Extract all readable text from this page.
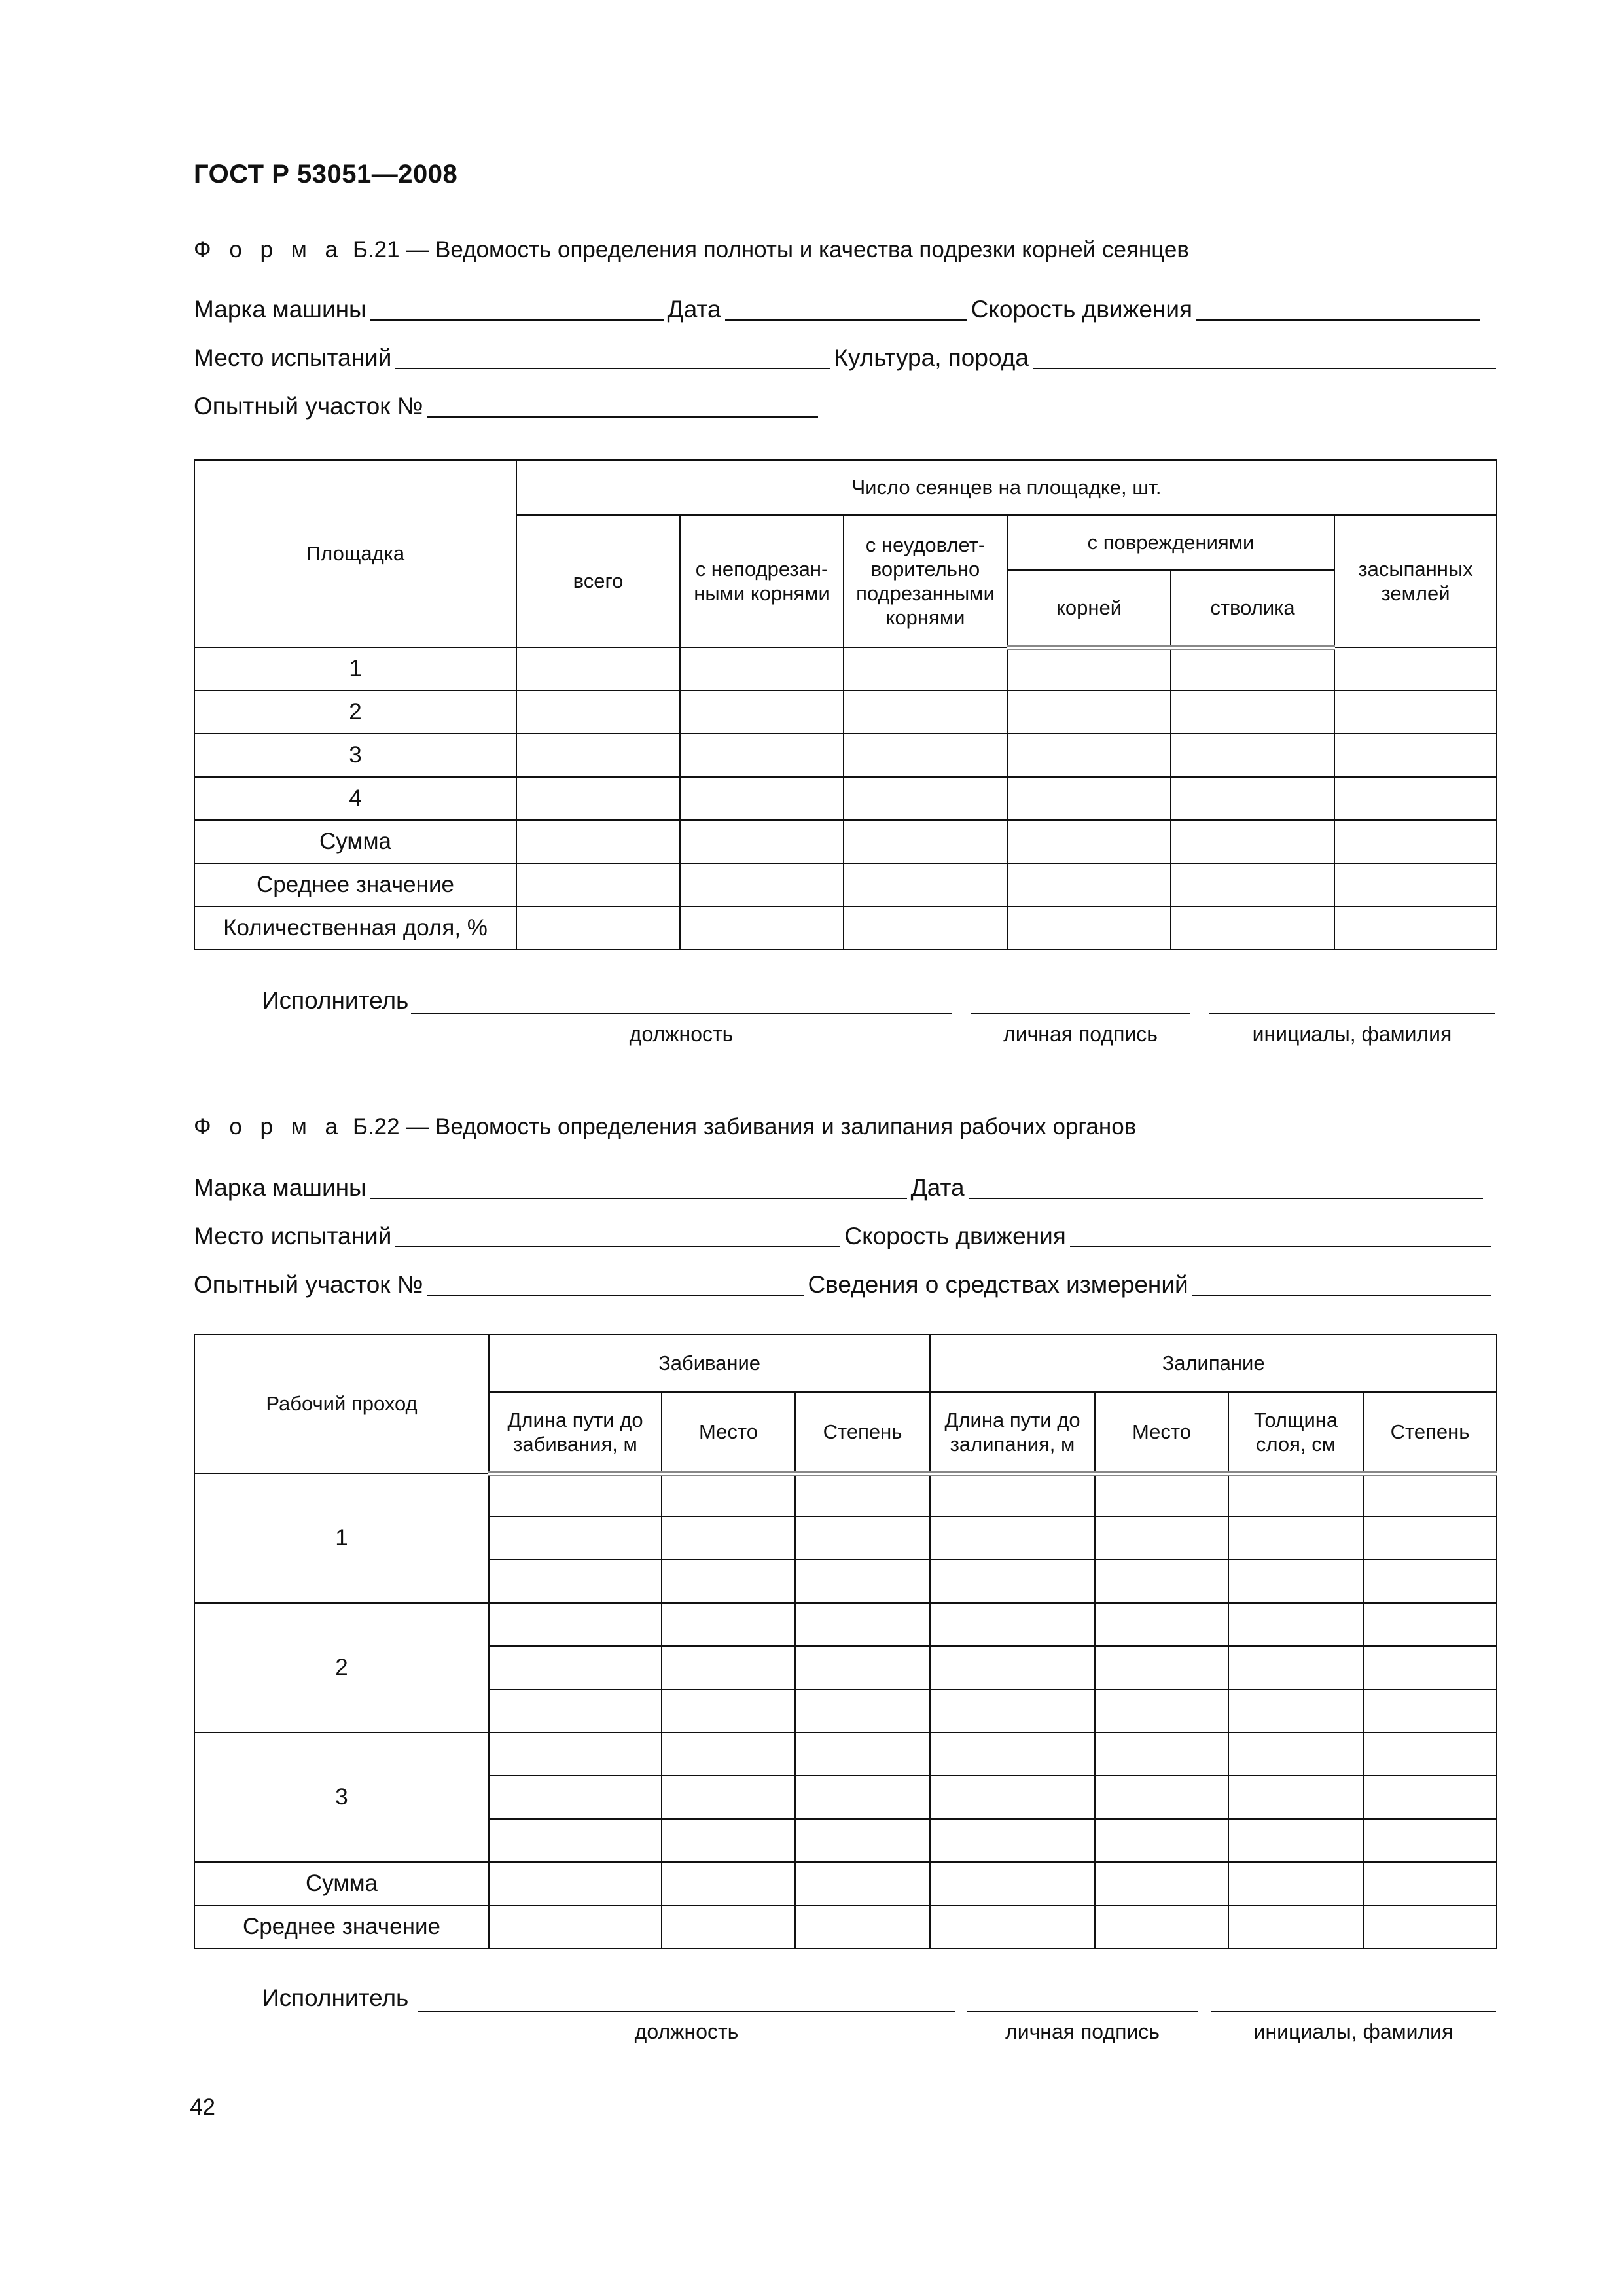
ГОСТ Р 53051—2008
Ф о р м а Б.21 — Ведомость определения полноты и качества подрезки корней сеянцев
Марка машины	Дата	Скорость движения
Место испытаний	Культура, порода
Опытный участок №
Площадка	Число сеянцев на площадке, шт.					
	всего	с неподрезан-ными корнями	с неудовлет-ворительно подрезанными корнями	с повреждениями		засыпанных землей
				корней	стволика	
1						
2						
3						
4						
Сумма						
Среднее значение						
Количественная доля, %						
Исполнитель
должность	личная подпись	инициалы, фамилия
Ф о р м а Б.22 — Ведомость определения забивания и залипания рабочих органов
Марка машины	Дата
Место испытаний	Скорость движения
Опытный участок №	Сведения о средствах измерений
Рабочий проход	Забивание			Залипание			
	Длина пути до забивания, м	Место	Степень	Длина пути до залипания, м	Место	Толщина слоя, см	Степень
1							

2							

3							

Сумма							
Среднее значение							
Исполнитель
должность	личная подпись	инициалы, фамилия
42
